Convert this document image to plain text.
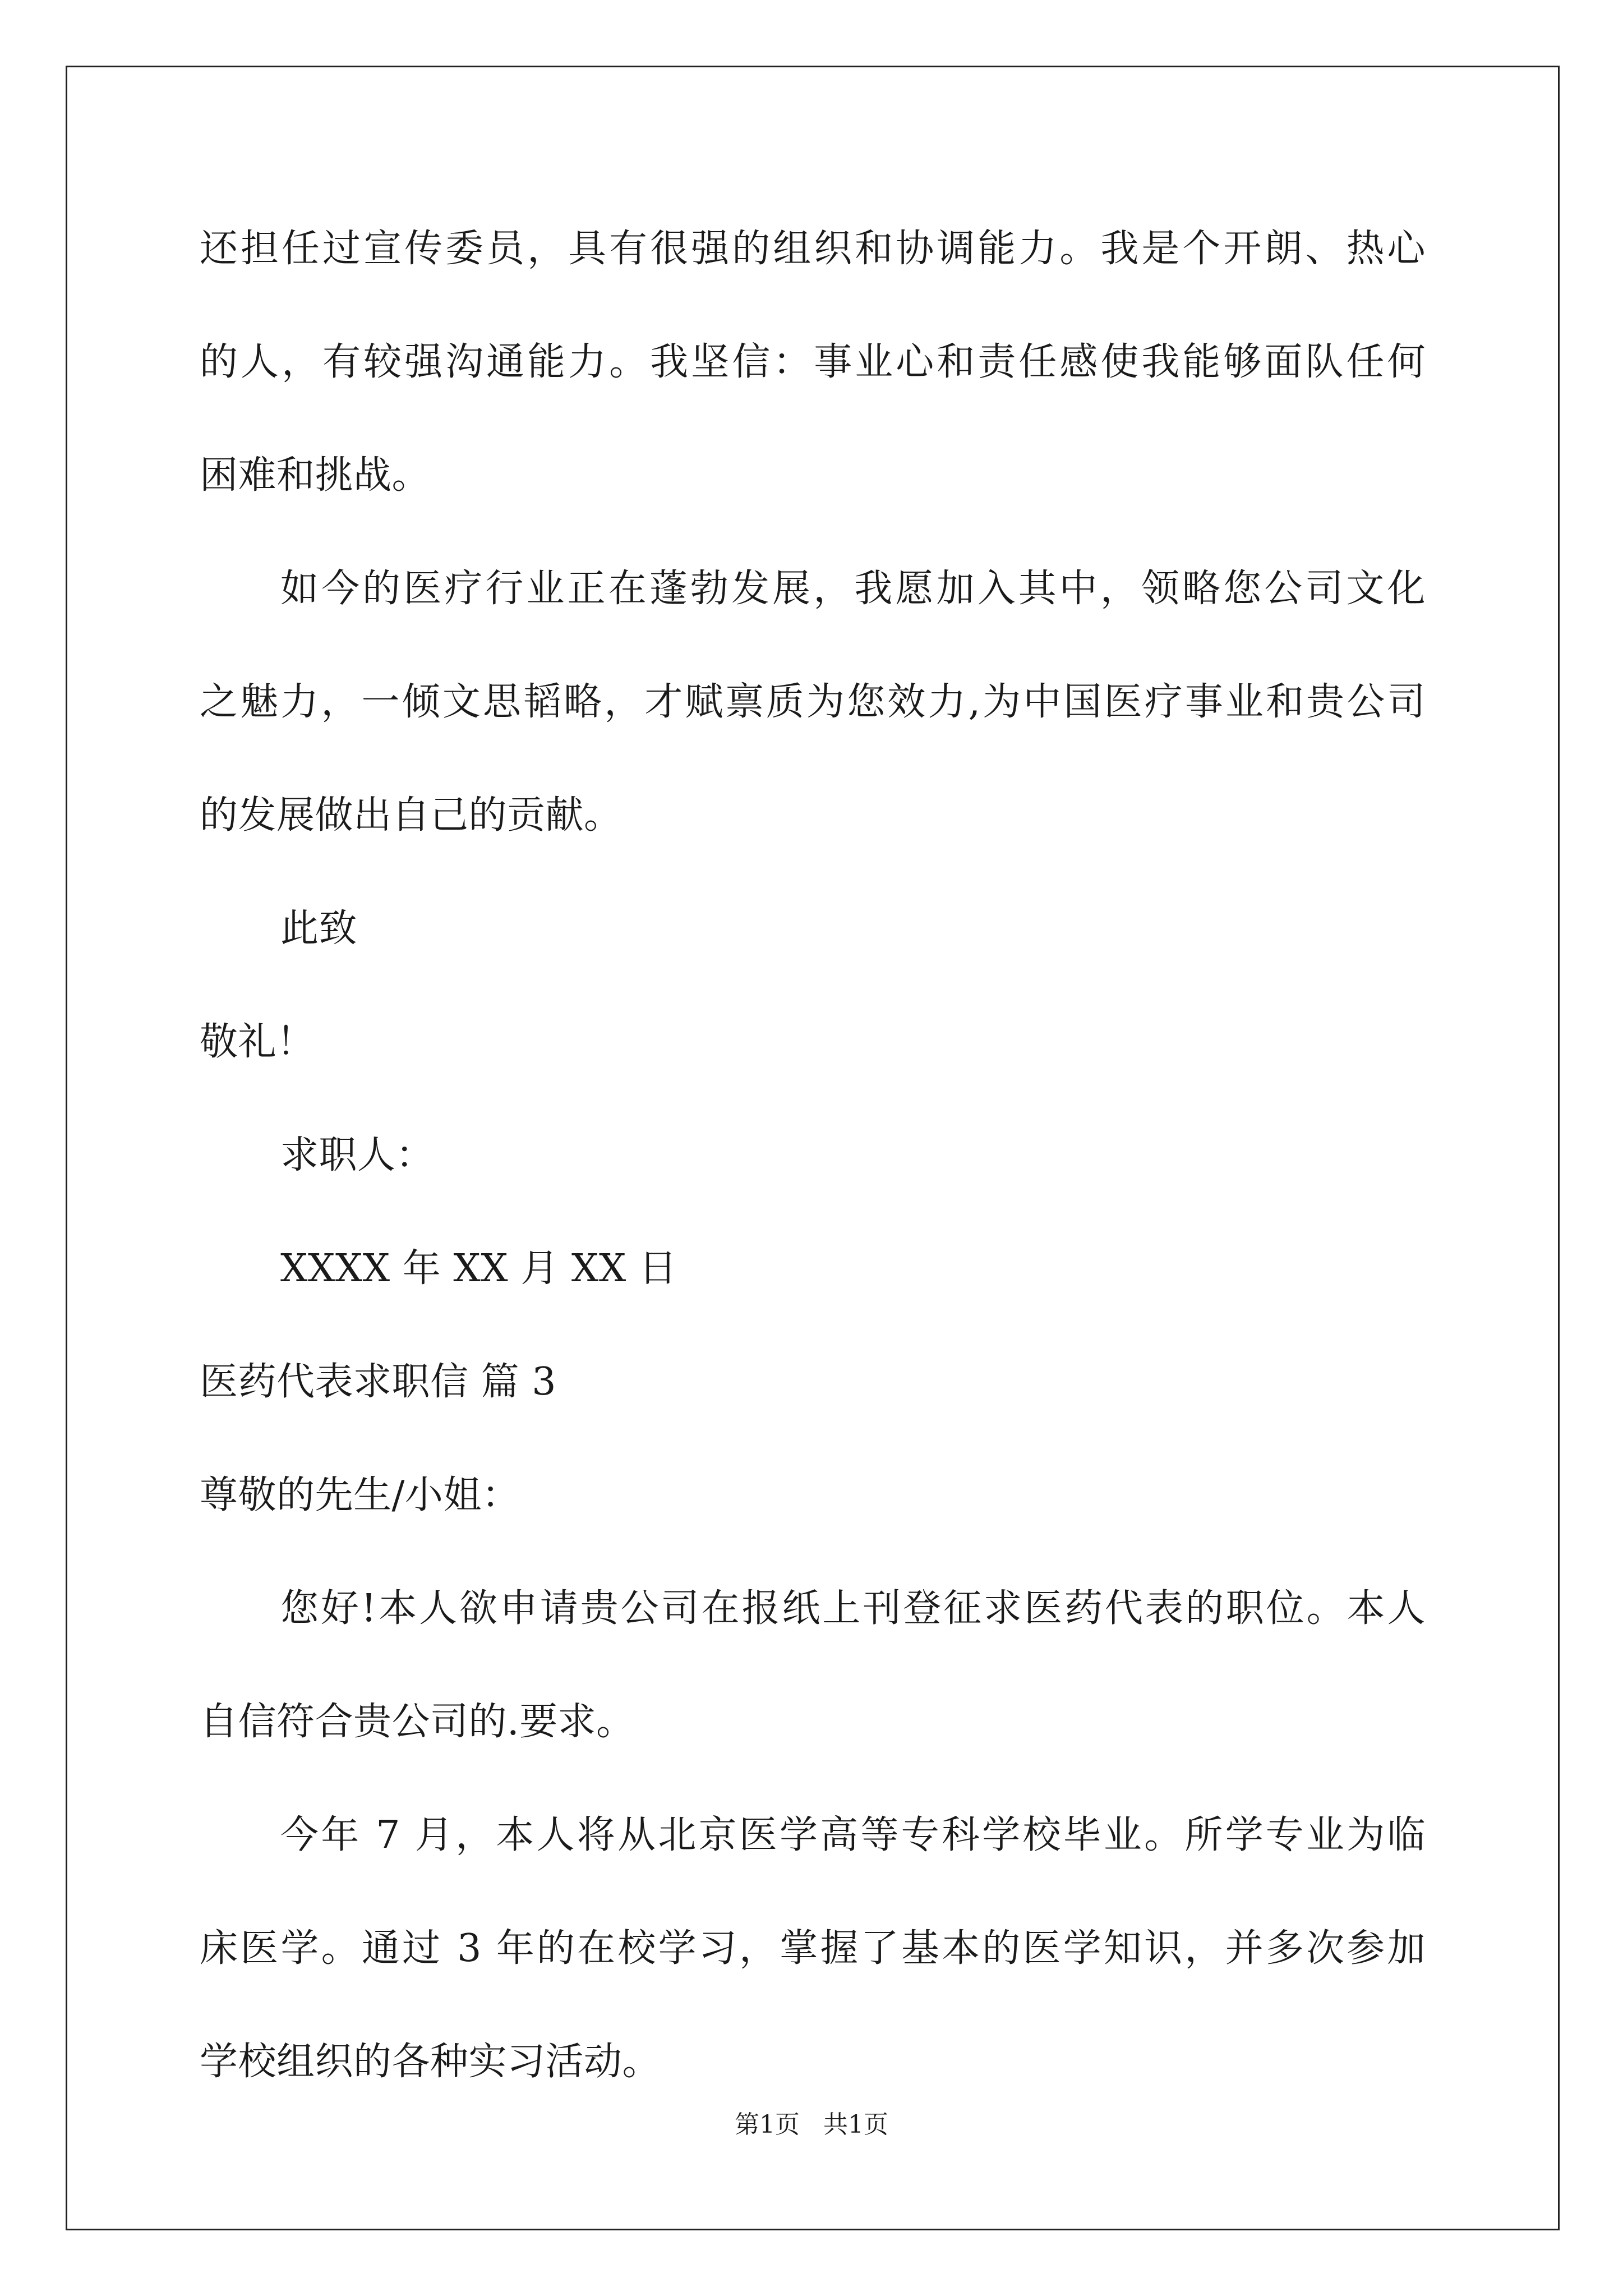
还担任过宣传委员，具有很强的组织和协调能力。我是个开朗、热心
的人，有较强沟通能力。我坚信：事业心和责任感使我能够面队任何
困难和挑战。
如今的医疗行业正在蓬勃发展，我愿加入其中，领略您公司文化
之魅力，一倾文思韬略，才赋禀质为您效力,为中国医疗事业和贵公司
的发展做出自己的贡献。
此致
敬礼！
求职人：
XXXX 年 XX 月 XX 日
医药代表求职信 篇 3
尊敬的先生/小姐：
您好!本人欲申请贵公司在报纸上刊登征求医药代表的职位。本人
自信符合贵公司的.要求。
今年 7 月，本人将从北京医学高等专科学校毕业。所学专业为临
床医学。通过 3 年的在校学习，掌握了基本的医学知识，并多次参加
学校组织的各种实习活动。
第1页   共1页
